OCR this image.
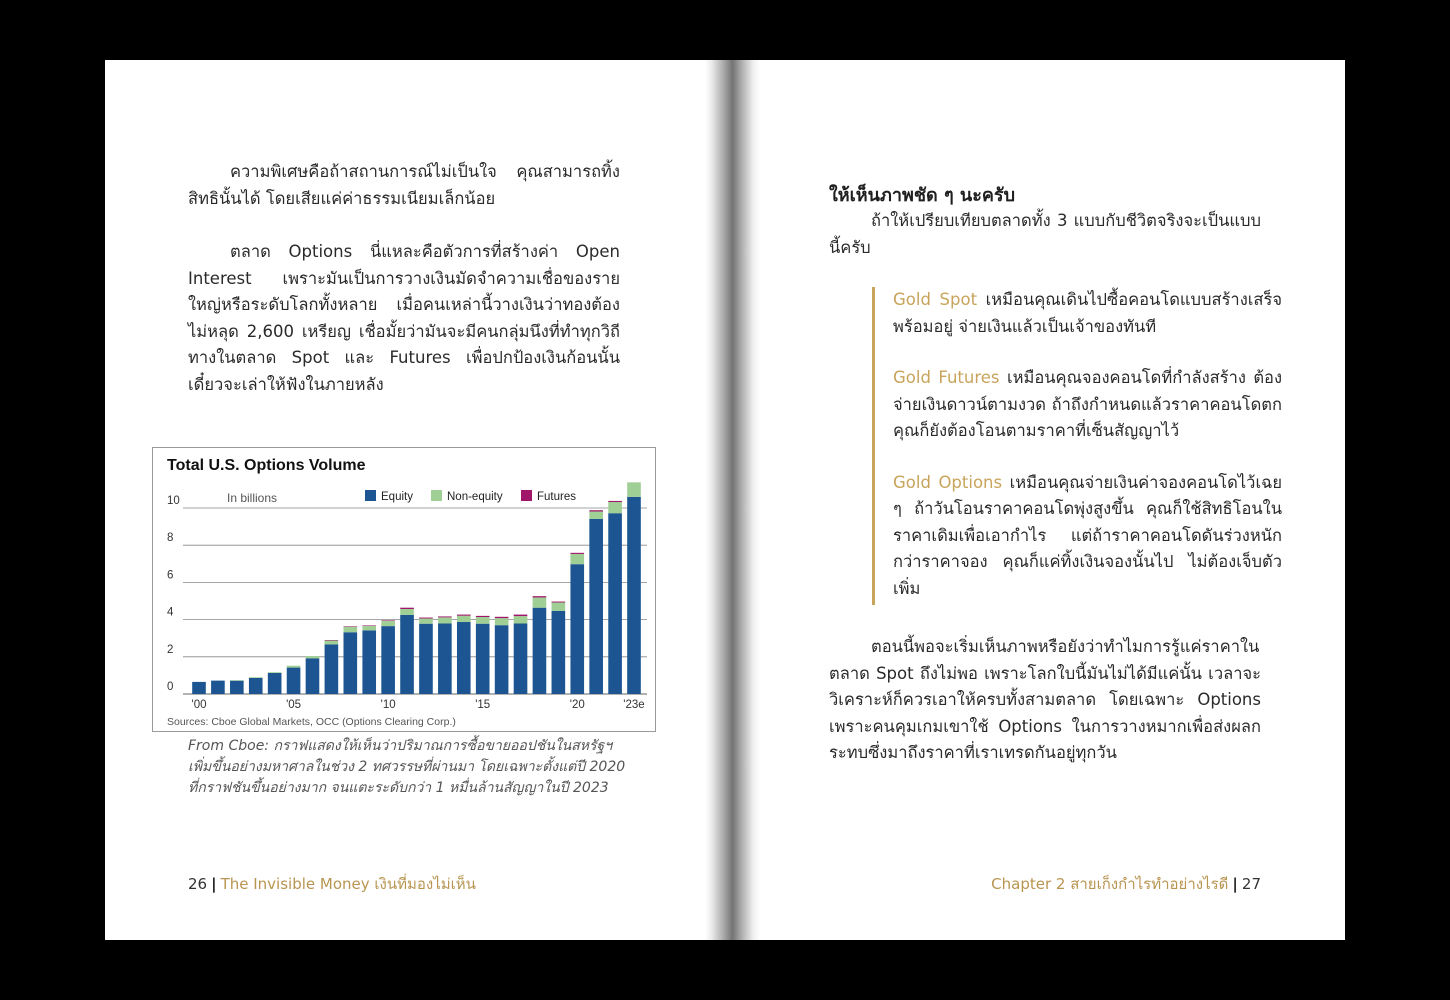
ความพิเศษคือถ้าสถานการณ์ไม่เป็นใจ คุณสามารถทิ้งสิทธินั้นได้ โดยเสียแค่ค่าธรรมเนียมเล็กน้อย

ตลาด Options นี่แหละคือตัวการที่สร้างค่า Open Interest เพราะมันเป็นการวางเงินมัดจำความเชื่อของรายใหญ่หรือระดับโลกทั้งหลาย เมื่อคนเหล่านี้วางเงินว่าทองต้องไม่หลุด 2,600 เหรียญ เชื่อมั้ยว่ามันจะมีคนกลุ่มนึงที่ทำทุกวิถีทางในตลาด Spot และ Futures เพื่อปกป้องเงินก้อนนั้น เดี๋ยวจะเล่าให้ฟังในภายหลัง

Total U.S. Options Volume
In billions	Equity	Non-equity	Futures
0
2
4
6
8
10
'00	'05	'10	'15	'20	'23e
Sources: Cboe Global Markets, OCC (Options Clearing Corp.)

From Cboe: กราฟแสดงให้เห็นว่าปริมาณการซื้อขายออปชันในสหรัฐฯ เพิ่มขึ้นอย่างมหาศาลในช่วง 2 ทศวรรษที่ผ่านมา โดยเฉพาะตั้งแต่ปี 2020 ที่กราฟชันขึ้นอย่างมาก จนแตะระดับกว่า 1 หมื่นล้านสัญญาในปี 2023

26 | The Invisible Money เงินที่มองไม่เห็น
ให้เห็นภาพชัด ๆ นะครับ

ถ้าให้เปรียบเทียบตลาดทั้ง 3 แบบกับชีวิตจริงจะเป็นแบบนี้ครับ

Gold Spot เหมือนคุณเดินไปซื้อคอนโดแบบสร้างเสร็จพร้อมอยู่ จ่ายเงินแล้วเป็นเจ้าของทันที

Gold Futures เหมือนคุณจองคอนโดที่กำลังสร้าง ต้องจ่ายเงินดาวน์ตามงวด ถ้าถึงกำหนดแล้วราคาคอนโดตก คุณก็ยังต้องโอนตามราคาที่เซ็นสัญญาไว้

Gold Options เหมือนคุณจ่ายเงินค่าจองคอนโดไว้เฉย ๆ ถ้าวันโอนราคาคอนโดพุ่งสูงขึ้น คุณก็ใช้สิทธิโอนในราคาเดิมเพื่อเอากำไร แต่ถ้าราคาคอนโดดันร่วงหนักกว่าราคาจอง คุณก็แค่ทิ้งเงินจองนั้นไป ไม่ต้องเจ็บตัวเพิ่ม

ตอนนี้พอจะเริ่มเห็นภาพหรือยังว่าทำไมการรู้แค่ราคาในตลาด Spot ถึงไม่พอ เพราะโลกใบนี้มันไม่ได้มีแค่นั้น เวลาจะวิเคราะห์ก็ควรเอาให้ครบทั้งสามตลาด โดยเฉพาะ Options เพราะคนคุมเกมเขาใช้ Options ในการวางหมากเพื่อส่งผลกระทบซึ่งมาถึงราคาที่เราเทรดกันอยู่ทุกวัน

Chapter 2 สายเก็งกำไรทำอย่างไรดี | 27
